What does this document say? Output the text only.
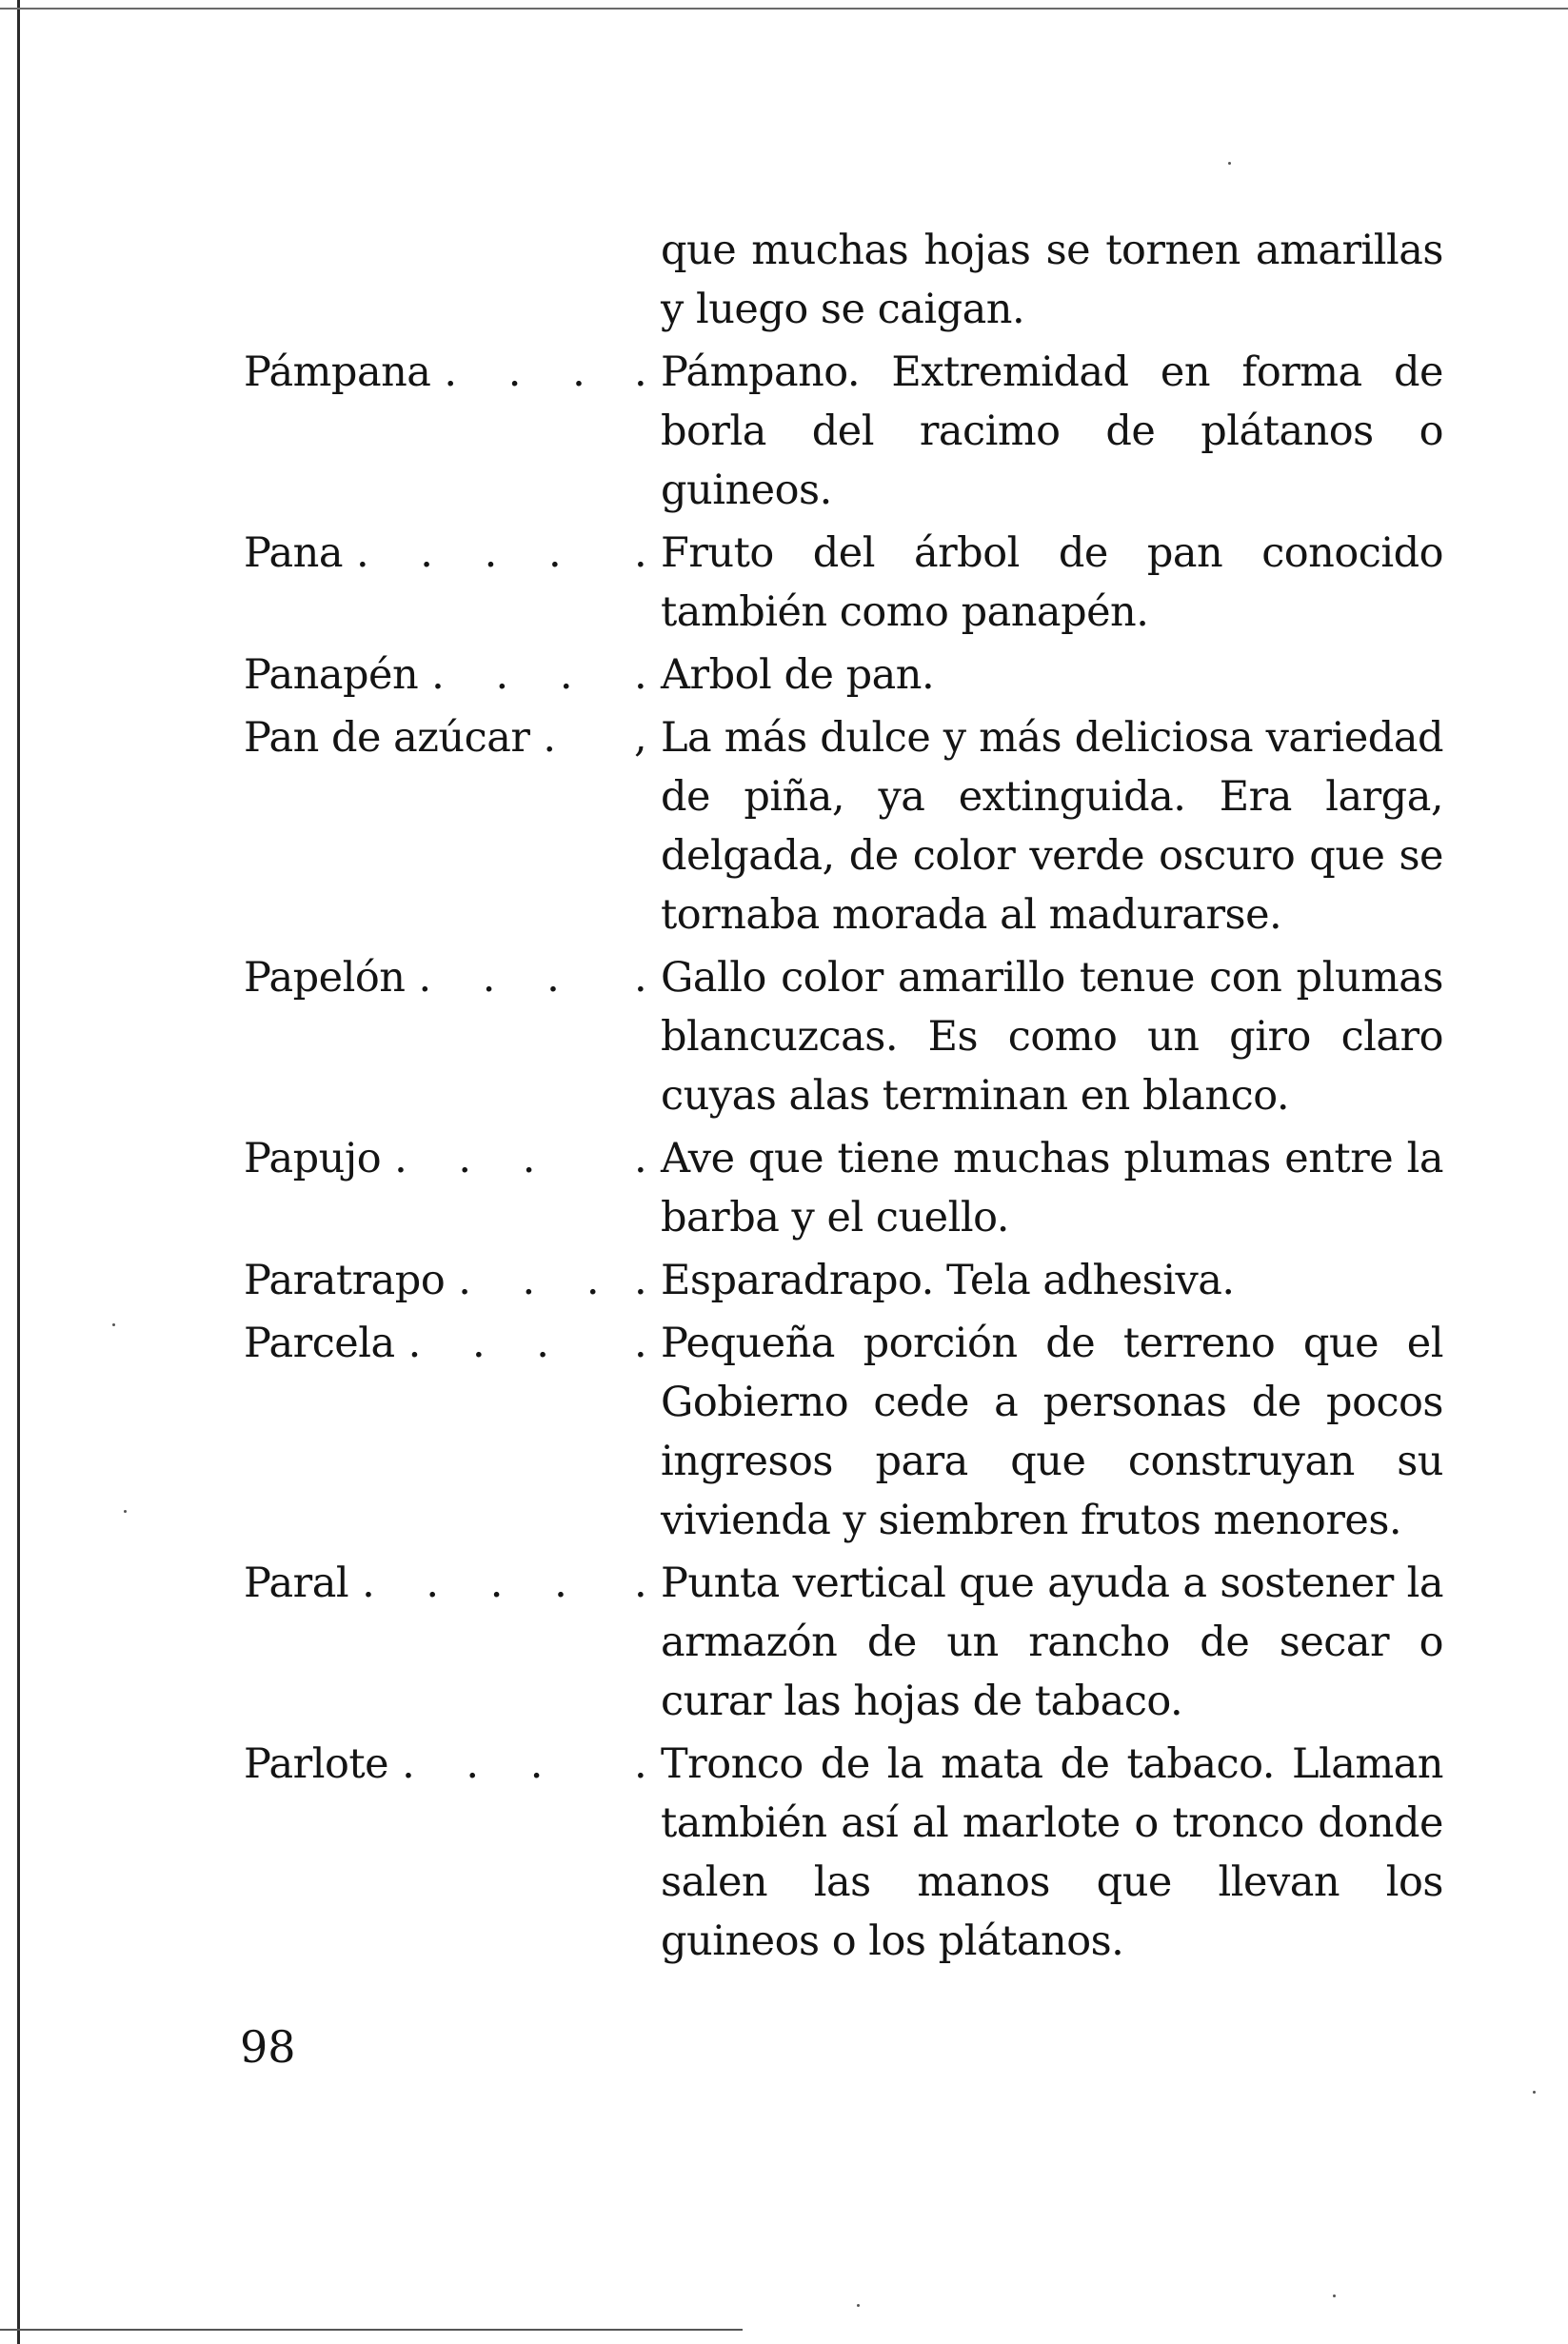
que muchas hojas se tornen amarillas y luego se caigan.
Pámpana . . . . Pámpano. Extremidad en forma de borla del racimo de plátanos o guineos.
Pana . . . .	. Fruto del árbol de pan conocido también como panapén.
Panapén . . .	. Arbol de pan.
Pan de azúcar .	, La más dulce y más deliciosa variedad de piña, ya extinguida. Era larga, delgada, de color verde oscuro que se tornaba morada al madurarse.
Papelón . . .	. Gallo color amarillo tenue con plumas blancuzcas. Es como un giro claro cuyas alas terminan en blanco.
Papujo . . .	. Ave que tiene muchas plumas entre la barba y el cuello.
Paratrapo . . . . Esparadrapo. Tela adhesiva.
Parcela . . .	. Pequeña porción de terreno que el Gobierno cede a personas de pocos ingresos para que construyan su vivienda y siembren frutos menores.
Paral . . . .	. Punta vertical que ayuda a sostener la armazón de un rancho de secar o curar las hojas de tabaco.
Parlote . . .	. Tronco de la mata de tabaco. Llaman también así al marlote o tronco donde salen las manos que llevan los guineos o los plátanos.
98
